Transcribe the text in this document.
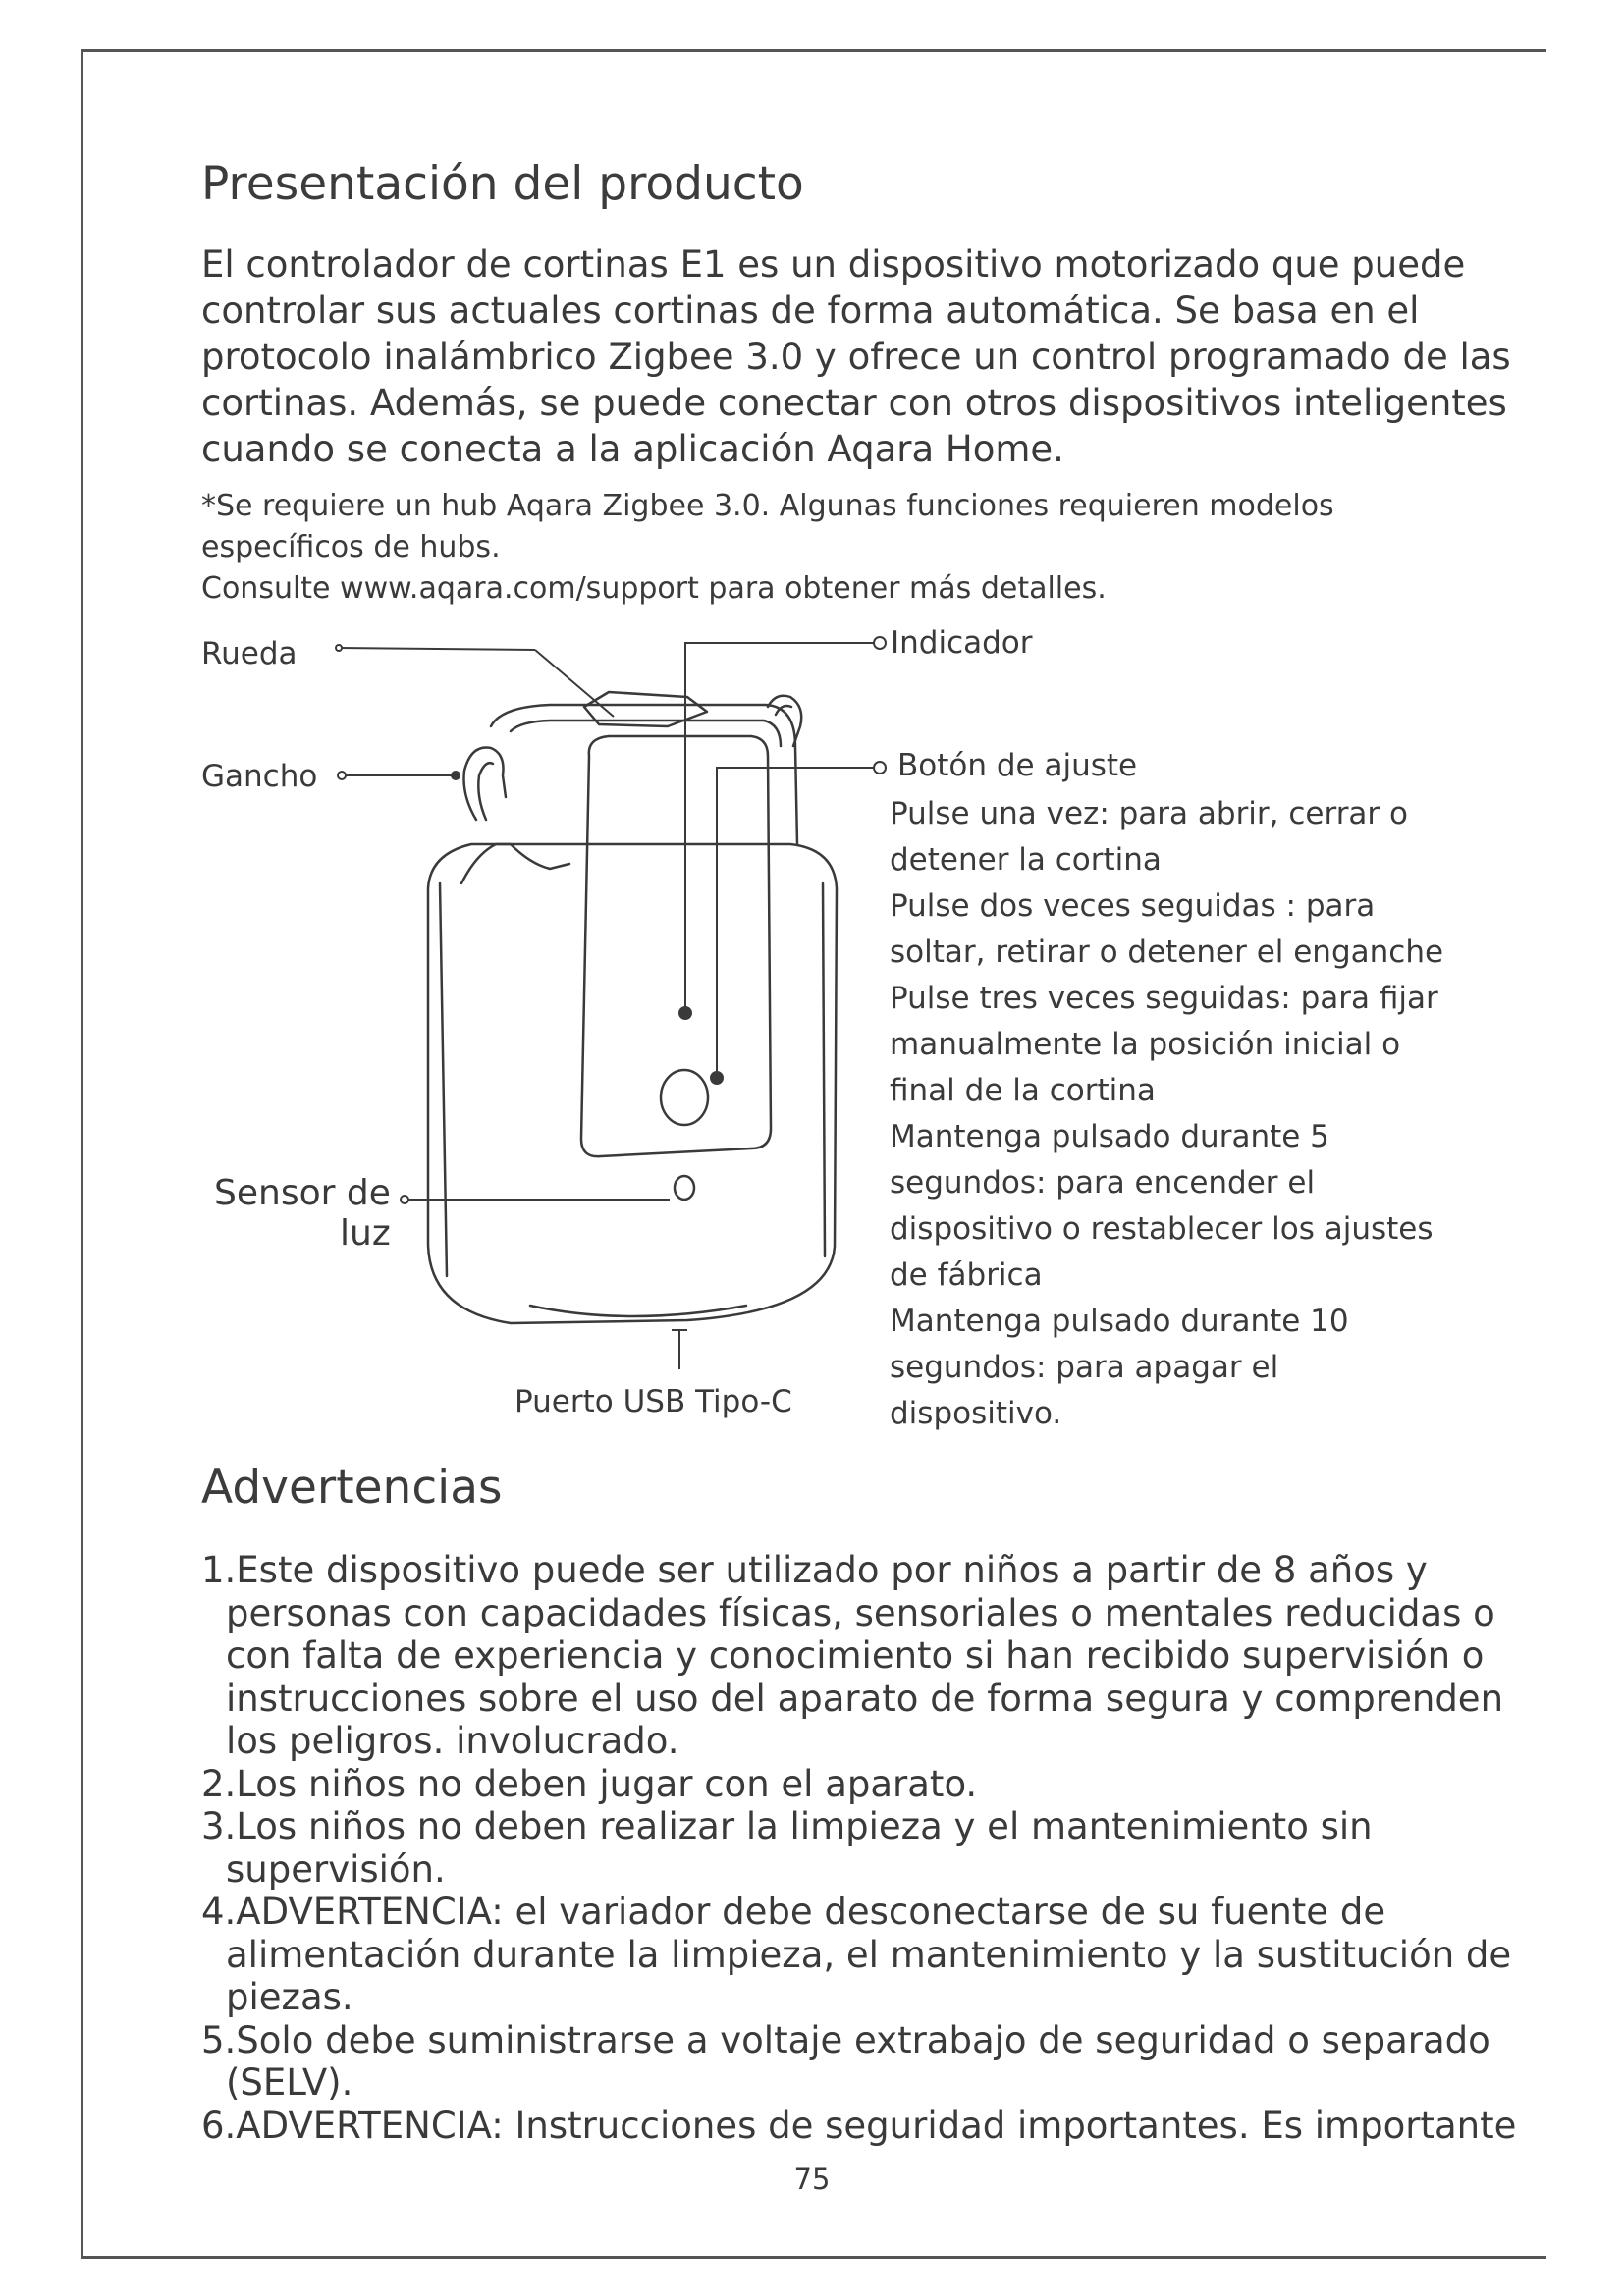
Presentación del producto
El controlador de cortinas E1 es un dispositivo motorizado que puede
controlar sus actuales cortinas de forma automática. Se basa en el
protocolo inalámbrico Zigbee 3.0 y ofrece un control programado de las
cortinas. Además, se puede conectar con otros dispositivos inteligentes
cuando se conecta a la aplicación Aqara Home.
*Se requiere un hub Aqara Zigbee 3.0. Algunas funciones requieren modelos
específicos de hubs.
Consulte www.aqara.com/support para obtener más detalles.
Rueda
Gancho
Sensor de
luz
Indicador
Botón de ajuste
Puerto USB Tipo-C
Pulse una vez: para abrir, cerrar o
detener la cortina
Pulse dos veces seguidas : para
soltar, retirar o detener el enganche
Pulse tres veces seguidas: para fijar
manualmente la posición inicial o
final de la cortina
Mantenga pulsado durante 5
segundos: para encender el
dispositivo o restablecer los ajustes
de fábrica
Mantenga pulsado durante 10
segundos: para apagar el
dispositivo.
Advertencias
1.Este dispositivo puede ser utilizado por niños a partir de 8 años y
personas con capacidades físicas, sensoriales o mentales reducidas o
con falta de experiencia y conocimiento si han recibido supervisión o
instrucciones sobre el uso del aparato de forma segura y comprenden
los peligros. involucrado.
2.Los niños no deben jugar con el aparato.
3.Los niños no deben realizar la limpieza y el mantenimiento sin
supervisión.
4.ADVERTENCIA: el variador debe desconectarse de su fuente de
alimentación durante la limpieza, el mantenimiento y la sustitución de
piezas.
5.Solo debe suministrarse a voltaje extrabajo de seguridad o separado
(SELV).
6.ADVERTENCIA: Instrucciones de seguridad importantes. Es importante
75
